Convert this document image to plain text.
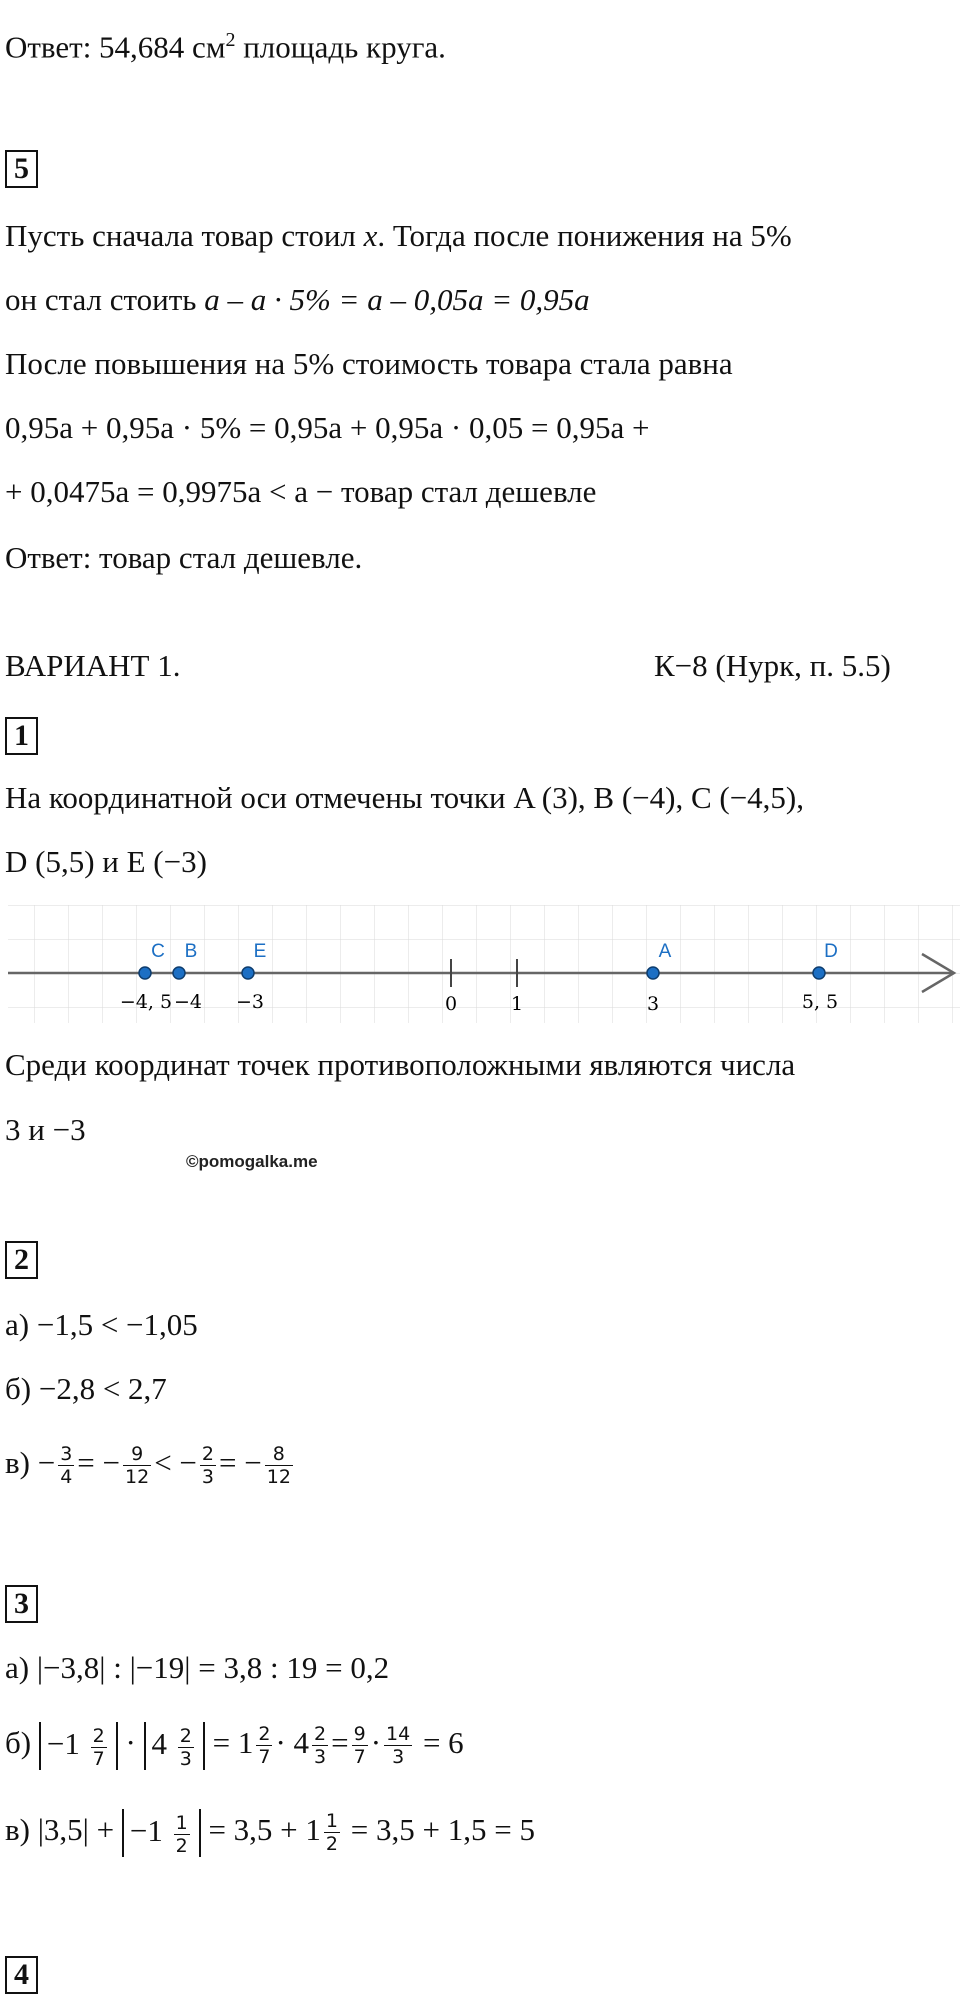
Ответ: 54,684 $см^2$ площадь круга.
5
Пусть сначала товар стоил x. Тогда после понижения на 5%
он стал стоить a – a · 5% = a – 0,05a = 0,95a
После повышения на 5% стоимость товара стала равна
0,95a + 0,95a · 5% = 0,95a + 0,95a · 0,05 = 0,95a +
+ 0,0475a = 0,9975a < a − товар стал дешевле
Ответ: товар стал дешевле.
ВАРИАНТ 1.	К−8 (Нурк, п. 5.5)
1
На координатной оси отмечены точки A (3), B (−4), C (−4,5),
D (5,5) и E (−3)
−4, 5 −4 −3	0	1	3	5, 5
C B	E	A	D
Среди координат точек противоположными являются числа
3 и −3
©pomogalka.me
2
а) −1,5 < −1,05
б) −2,8 < 2,7
$в) - \frac{3}{4}$ = − $\frac{9}{12}$ < − $\frac{2}{3}$ = − $\frac{8}{12}$
3
а) |−3,8| : |−19| = 3,8 : 19 = 0,2
$б) -1 \frac{2}{7} \cdot 4 \frac{2}{3} = 1 \frac{2}{7} \cdot 4 \frac{2}{3} = \frac{9}{7} \cdot \frac{14}{3} = 6$
в) $|3,5| + -1 \frac{1}{2} = 3,5 + 1 \frac{1}{2} = 3,5 + 1,5 = 5$
4
